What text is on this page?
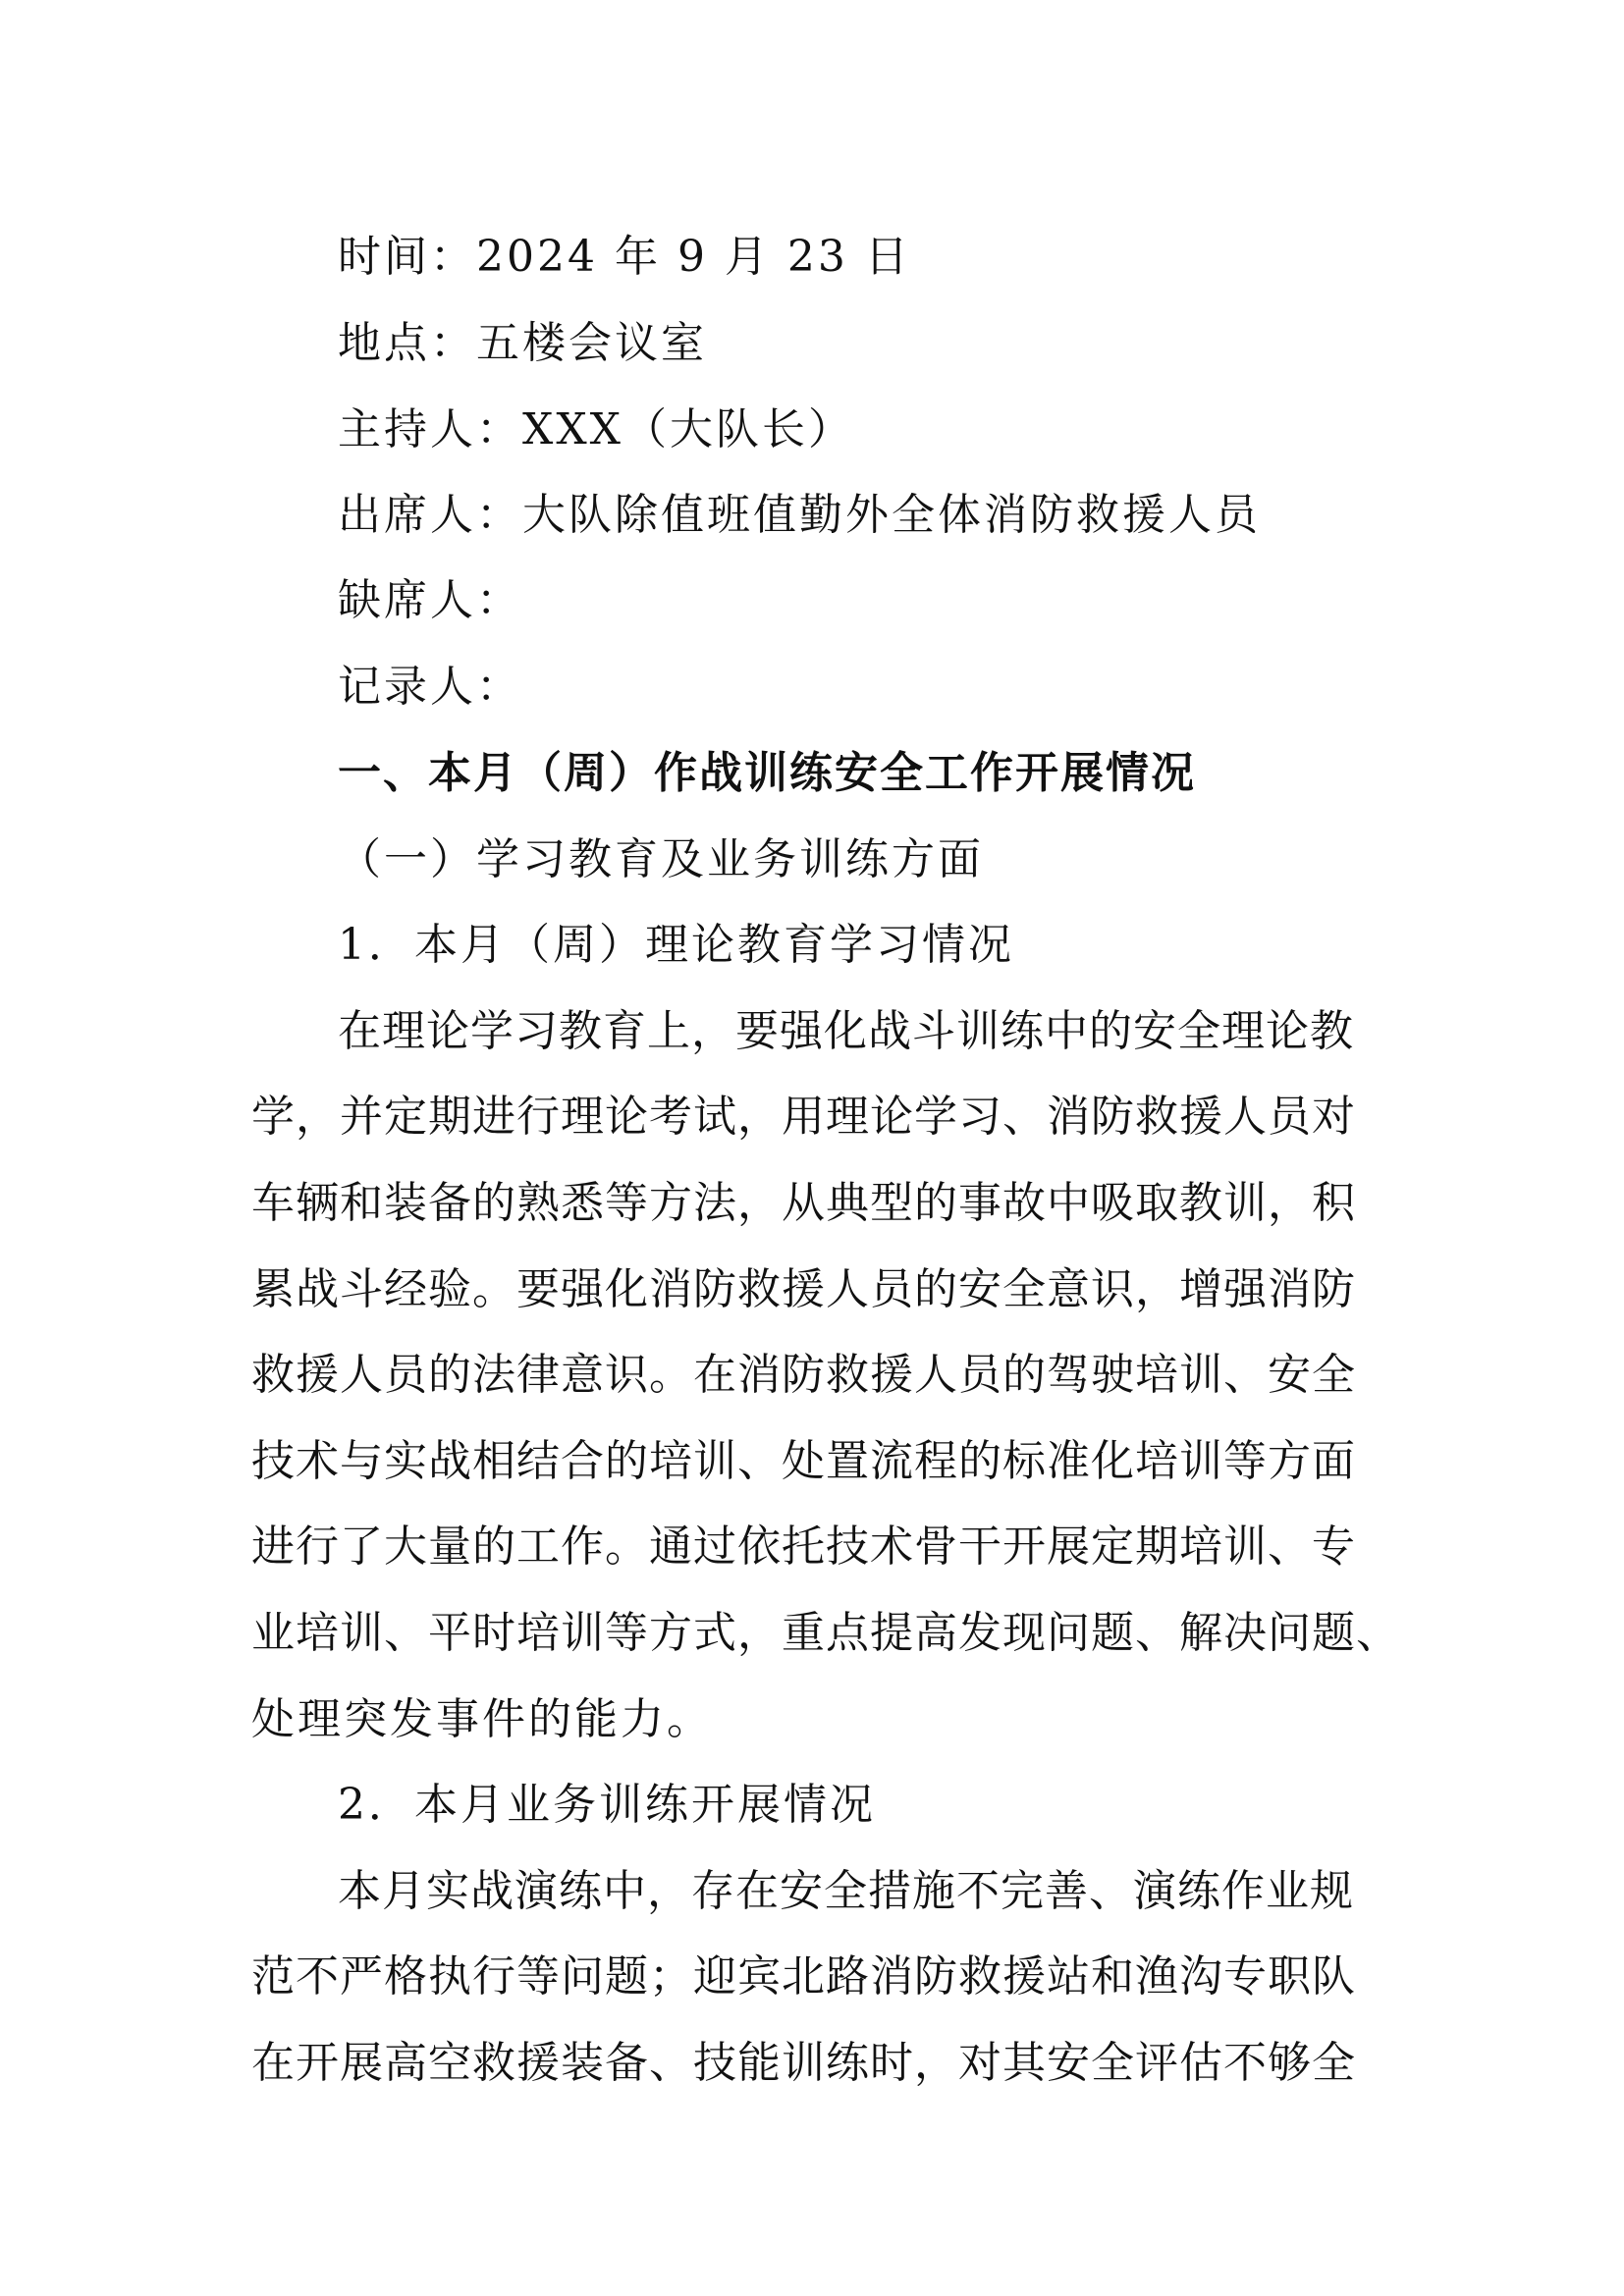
时间：2024 年 9 月 23 日
地点：五楼会议室
主持人：XXX（大队长）
出席人：大队除值班值勤外全体消防救援人员
缺席人：
记录人：
一、本月（周）作战训练安全工作开展情况
（一）学习教育及业务训练方面
1．本月（周）理论教育学习情况
在理论学习教育上，要强化战斗训练中的安全理论教
学，并定期进行理论考试，用理论学习、消防救援人员对
车辆和装备的熟悉等方法，从典型的事故中吸取教训，积
累战斗经验。要强化消防救援人员的安全意识，增强消防
救援人员的法律意识。在消防救援人员的驾驶培训、安全
技术与实战相结合的培训、处置流程的标准化培训等方面
进行了大量的工作。通过依托技术骨干开展定期培训、专
业培训、平时培训等方式，重点提高发现问题、解决问题、
处理突发事件的能力。
2．本月业务训练开展情况
本月实战演练中，存在安全措施不完善、演练作业规
范不严格执行等问题；迎宾北路消防救援站和渔沟专职队
在开展高空救援装备、技能训练时，对其安全评估不够全
